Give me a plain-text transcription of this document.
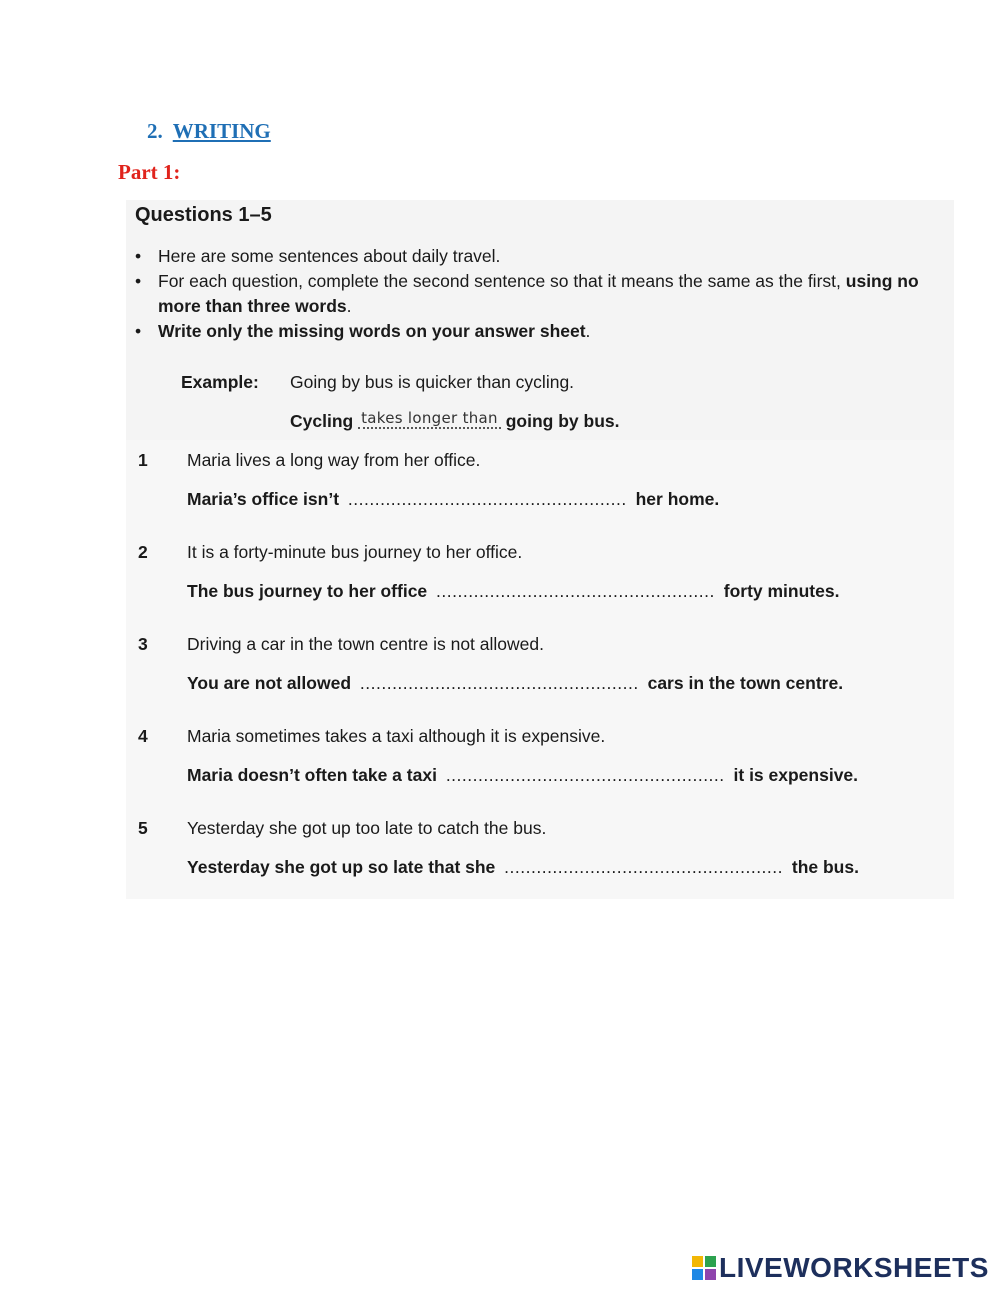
2. WRITING
Part 1:
Questions 1–5
• Here are some sentences about daily travel.
• For each question, complete the second sentence so that it means the same as the first, using no more than three words.
• Write only the missing words on your answer sheet.
Example: Going by bus is quicker than cycling.
Cycling takes longer than going by bus.
1 Maria lives a long way from her office.
Maria’s office isn’t .................................................... her home.
2 It is a forty-minute bus journey to her office.
The bus journey to her office .................................................... forty minutes.
3 Driving a car in the town centre is not allowed.
You are not allowed .................................................... cars in the town centre.
4 Maria sometimes takes a taxi although it is expensive.
Maria doesn’t often take a taxi .................................................... it is expensive.
5 Yesterday she got up too late to catch the bus.
Yesterday she got up so late that she .................................................... the bus.
LIVEWORKSHEETS
